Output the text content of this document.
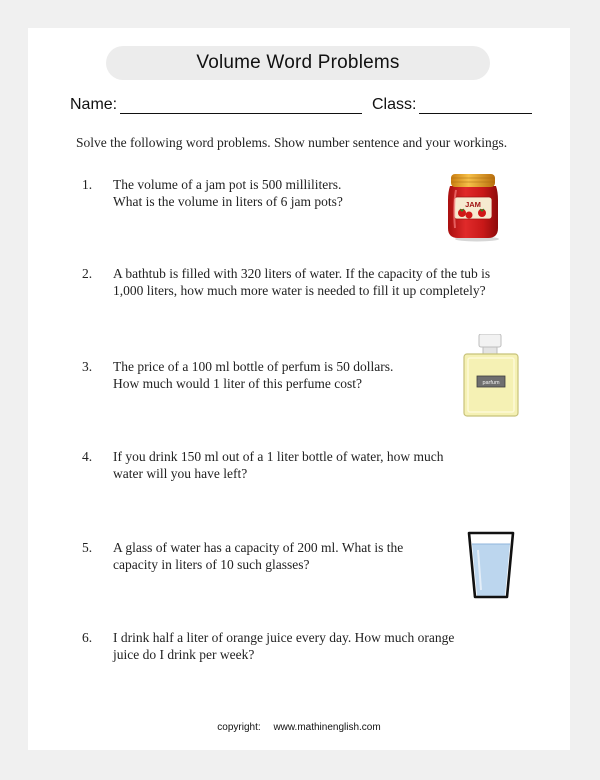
Volume Word Problems
Name:	Class:
Solve the following word problems. Show number sentence and your workings.
1. The volume of a jam pot is 500 milliliters.
What is the volume in liters of 6 jam pots?
2. A bathtub is filled with 320 liters of water. If the capacity of the tub is
1,000 liters, how much more water is needed to fill it up completely?
3. The price of a 100 ml bottle of perfum is 50 dollars.
How much would 1 liter of this perfume cost?
4. If you drink 150 ml out of a 1 liter bottle of water, how much
water will you have left?
5. A glass of water has a capacity of 200 ml. What is the
capacity in liters of 10 such glasses?
6. I drink half a liter of orange juice every day. How much orange
juice do I drink per week?
JAM
parfum
copyright: www.mathinenglish.com
